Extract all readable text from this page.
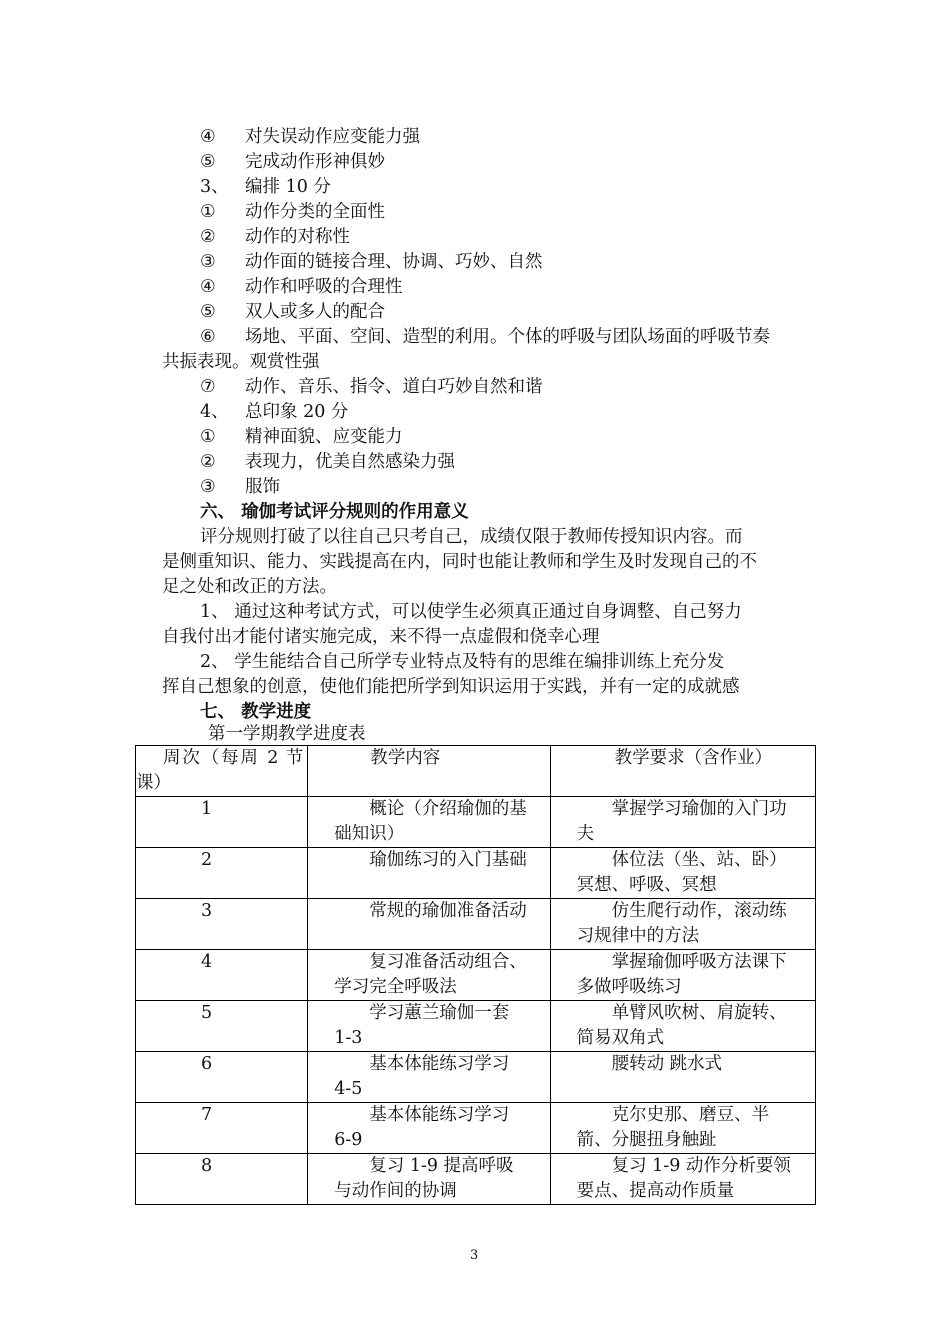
④ 对失误动作应变能力强
⑤ 完成动作形神俱妙
3、 编排 10 分
① 动作分类的全面性
② 动作的对称性
③ 动作面的链接合理、协调、巧妙、自然
④ 动作和呼吸的合理性
⑤ 双人或多人的配合
⑥ 场地、平面、空间、造型的利用。个体的呼吸与团队场面的呼吸节奏
共振表现。观赏性强
⑦ 动作、音乐、指令、道白巧妙自然和谐
4、 总印象 20 分
① 精神面貌、应变能力
② 表现力，优美自然感染力强
③ 服饰
六、 瑜伽考试评分规则的作用意义
评分规则打破了以往自己只考自己，成绩仅限于教师传授知识内容。而
是侧重知识、能力、实践提高在内，同时也能让教师和学生及时发现自己的不
足之处和改正的方法。
1、 通过这种考试方式，可以使学生必须真正通过自身调整、自己努力
自我付出才能付诸实施完成，来不得一点虚假和侥幸心理
2、 学生能结合自己所学专业特点及特有的思维在编排训练上充分发
挥自己想象的创意，使他们能把所学到知识运用于实践，并有一定的成就感
七、 教学进度
第一学期教学进度表
周次（每周 2 节课）	教学内容	教学要求（含作业）

1	概论（介绍瑜伽的基础知识）	掌握学习瑜伽的入门功夫

2	瑜伽练习的入门基础	体位法（坐、站、卧）冥想、呼吸、冥想

3	常规的瑜伽准备活动	仿生爬行动作，滚动练习规律中的方法

4	复习准备活动组合、学习完全呼吸法	掌握瑜伽呼吸方法课下多做呼吸练习

5	学习蕙兰瑜伽一套 1-3	单臂风吹树、肩旋转、简易双角式

6	基本体能练习学习 4-5	腰转动 跳水式

7	基本体能练习学习 6-9	克尔史那、磨豆、半箭、分腿扭身触趾

8	复习 1-9 提高呼吸与动作间的协调	复习 1-9 动作分析要领要点、提高动作质量
3
